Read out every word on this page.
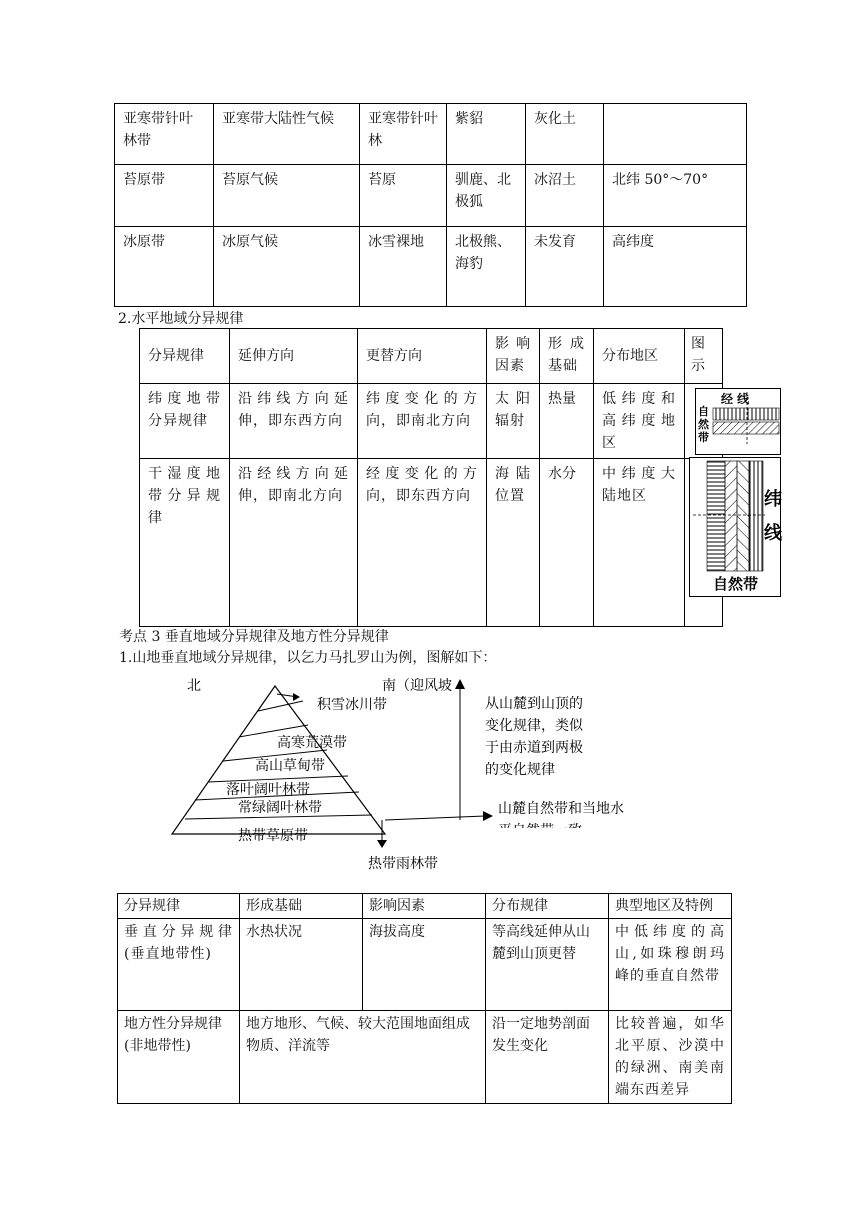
亚寒带针叶林带	亚寒带大陆性气候	亚寒带针叶林	紫貂	灰化土	
苔原带	苔原气候	苔原	驯鹿、北极狐	冰沼土	北纬 50°～70°
冰原带	冰原气候	冰雪裸地	北极熊、海豹	未发育	高纬度
2.水平地域分异规律
分异规律	延伸方向	更替方向	影响因素	形成基础	分布地区	图示
纬度地带分异规律	沿纬线方向延伸，即东西方向	纬度变化的方向，即南北方向	太阳辐射	热量	低纬度和高纬度地区	
干湿度地带分异规律	沿经线方向延伸，即南北方向	经度变化的方向，即东西方向	海陆位置	水分	中纬度大陆地区	
经 线
自然带
纬线
自然带
考点 3 垂直地域分异规律及地方性分异规律
1.山地垂直地域分异规律，以乞力马扎罗山为例，图解如下：
北	南（迎风坡
积雪冰川带
高寒荒漠带
高山草甸带
落叶阔叶林带
常绿阔叶林带
热带草原带
热带雨林带
从山麓到山顶的变化规律，类似 于由赤道到两极的变化规律
山麓自然带和当地水
分异规律	形成基础	影响因素	分布规律	典型地区及特例
垂直分异规律(垂直地带性)	水热状况	海拔高度	等高线延伸从山麓到山顶更替	中低纬度的高山,如珠穆朗玛峰的垂直自然带
地方性分异规律(非地带性)	地方地形、气候、较大范围地面组成物质、洋流等		沿一定地势剖面发生变化	比较普遍，如华北平原、沙漠中的绿洲、南美南端东西差异
